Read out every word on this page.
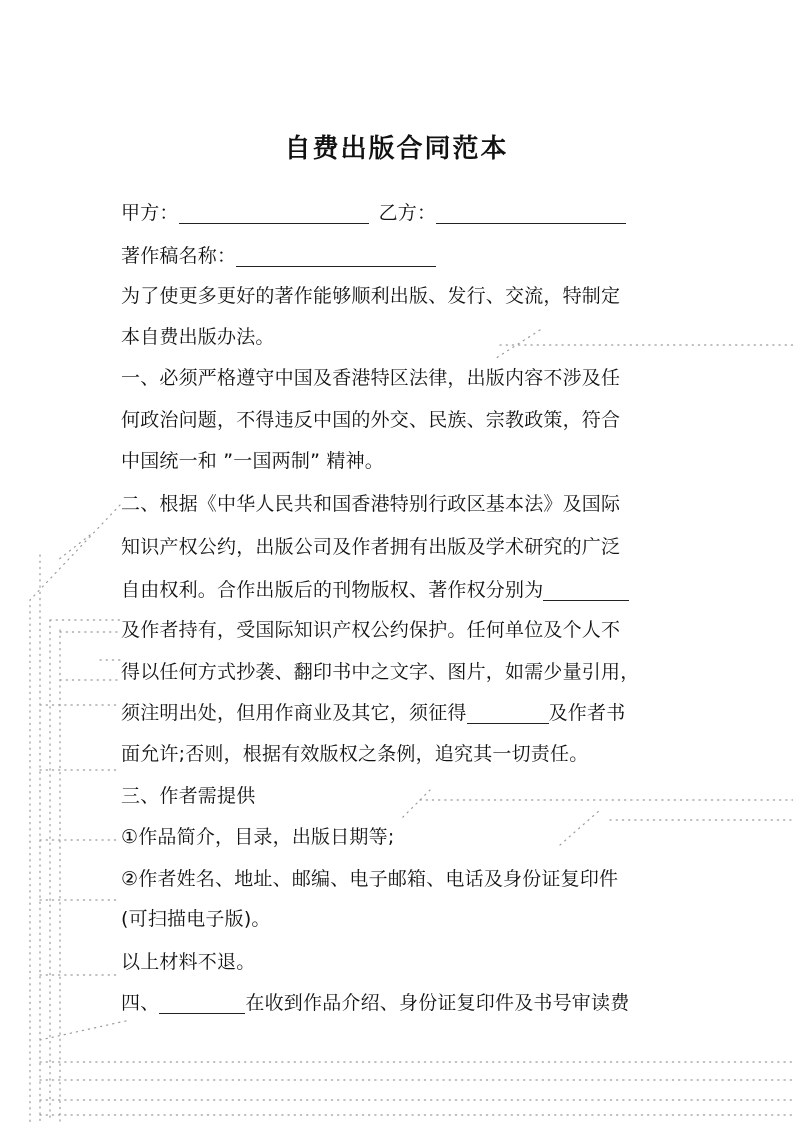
自费出版合同范本
甲方：	乙方：
著作稿名称：
为了使更多更好的著作能够顺利出版、发行、交流，特制定
本自费出版办法。
一、必须严格遵守中国及香港特区法律，出版内容不涉及任
何政治问题，不得违反中国的外交、民族、宗教政策，符合
中国统一和 ”一国两制” 精神。
二、根据《中华人民共和国香港特别行政区基本法》及国际
知识产权公约，出版公司及作者拥有出版及学术研究的广泛
自由权利。合作出版后的刊物版权、著作权分别为
及作者持有，受国际知识产权公约保护。任何单位及个人不
得以任何方式抄袭、翻印书中之文字、图片，如需少量引用，
须注明出处，但用作商业及其它，须征得	及作者书
面允许;否则，根据有效版权之条例，追究其一切责任。
三、作者需提供
①作品简介，目录，出版日期等;
②作者姓名、地址、邮编、电子邮箱、电话及身份证复印件
(可扫描电子版)。
以上材料不退。
四、	在收到作品介绍、身份证复印件及书号审读费
